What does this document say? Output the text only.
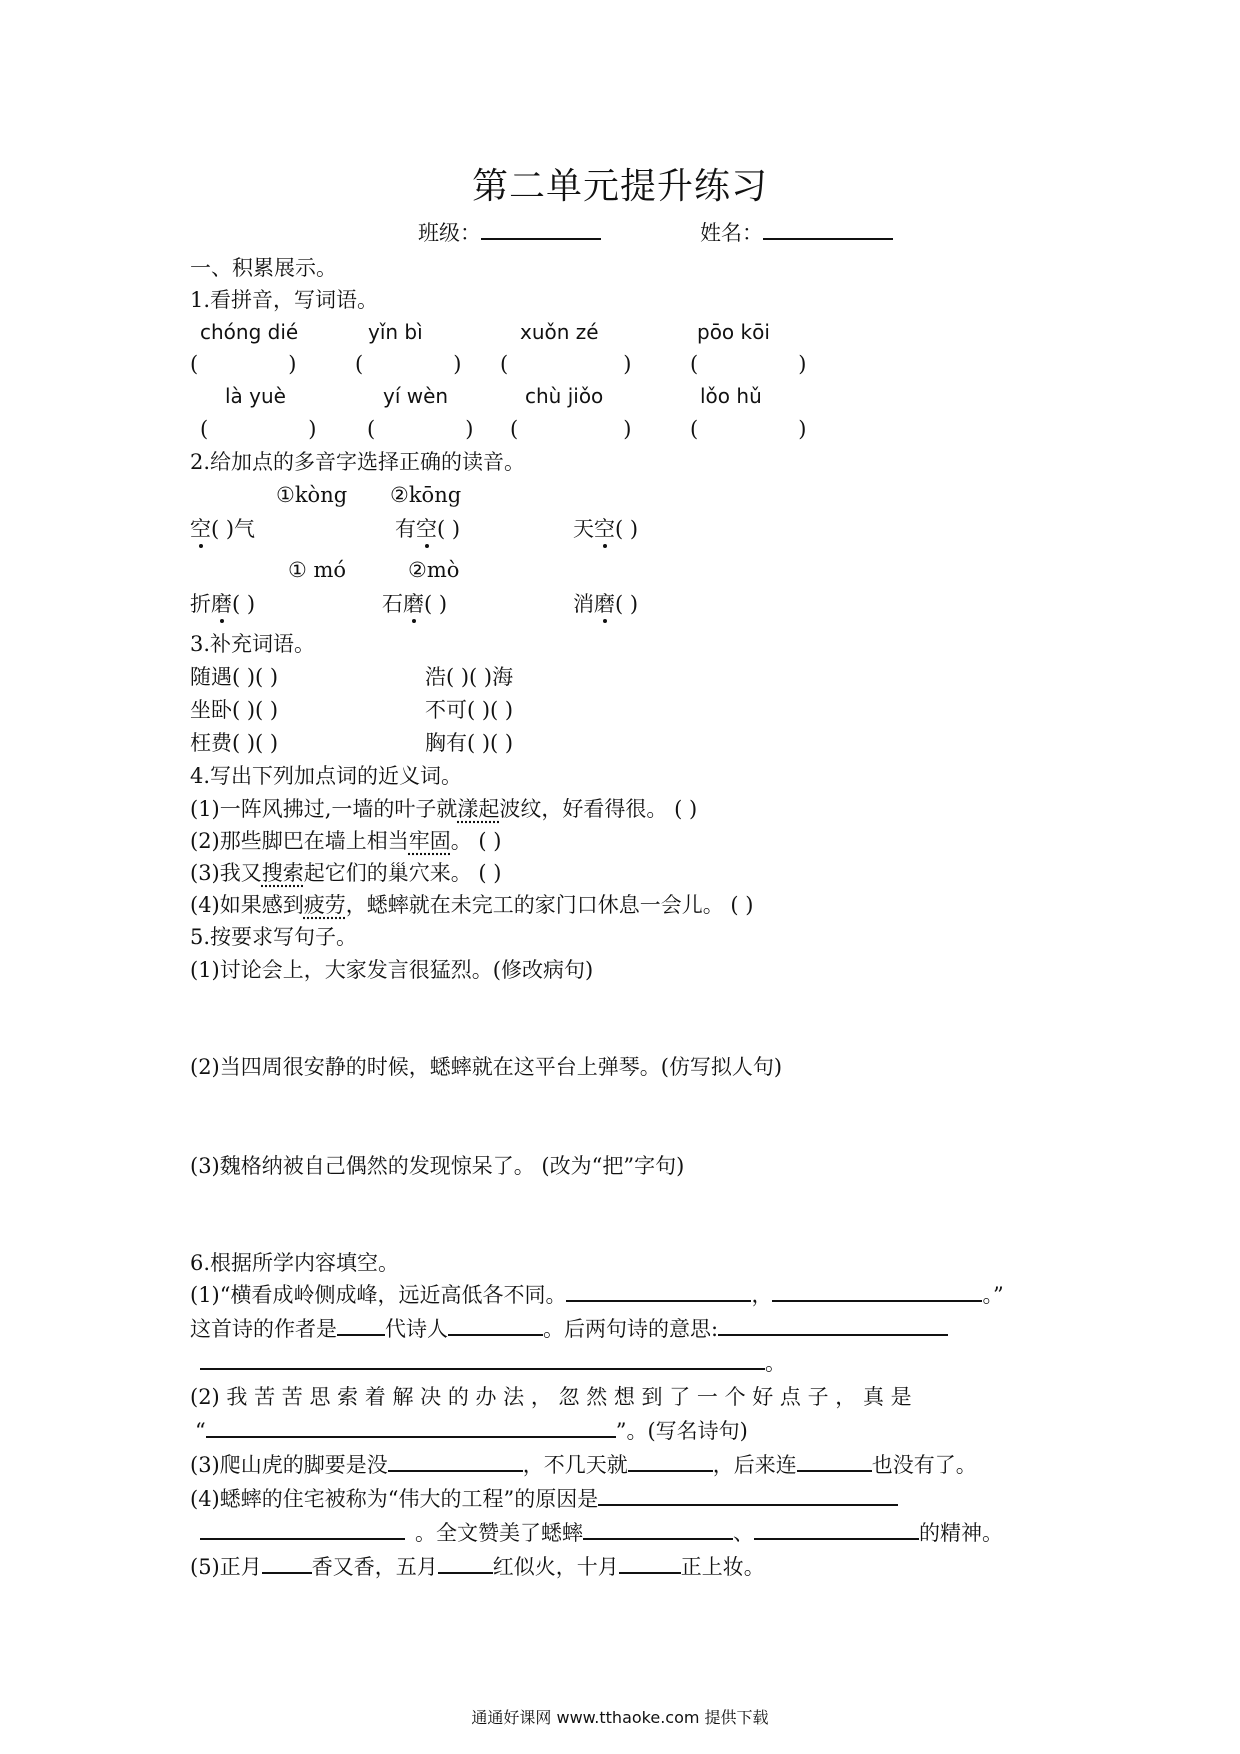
第二单元提升练习
班级：	姓名：
一、积累展示。
1.看拼音，写词语。
chóng dié	yǐn bì	xuǒn zé	pōo kōi
(	)	(	) (	)	(	)
là yuè	yí wèn	chù jiǒo	lǒo hǔ
(	) (	) (	)	(	)
2.给加点的多音字选择正确的读音。
①kòng ②kōng
空( )气	有空( )	天空( )
① mó	②mò
折磨( )	石磨( )	消磨( )
3.补充词语。
随遇( )( )	浩( )( )海
坐卧( )( )	不可( )( )
枉费( )( )	胸有( )( )
4.写出下列加点词的近义词。
(1)一阵风拂过,一墙的叶子就漾起波纹，好看得很。 ( )
(2)那些脚巴在墙上相当牢固。 ( )
(3)我又搜索起它们的巢穴来。 ( )
(4)如果感到疲劳，蟋蟀就在未完工的家门口休息一会儿。 ( )
5.按要求写句子。
(1)讨论会上，大家发言很猛烈。(修改病句)
(2)当四周很安静的时候，蟋蟀就在这平台上弹琴。(仿写拟人句)
(3)魏格纳被自己偶然的发现惊呆了。 (改为“把”字句)
6.根据所学内容填空。
(1)“横看成岭侧成峰，远近高低各不同。	，	。”
这首诗的作者是 代诗人	。后两句诗的意思:
。
(2) 我 苦 苦 思 索 着 解 决 的 办 法 ， 忽 然 想 到 了 一 个 好 点 子 ， 真 是
“	”。(写名诗句)
(3)爬山虎的脚要是没	，不几天就	，后来连	也没有了。
(4)蟋蟀的住宅被称为“伟大的工程”的原因是
。全文赞美了蟋蟀	、	的精神。
(5)正月 香又香，五月	红似火，十月	正上妆。
通通好课网 www.tthaoke.com 提供下载
